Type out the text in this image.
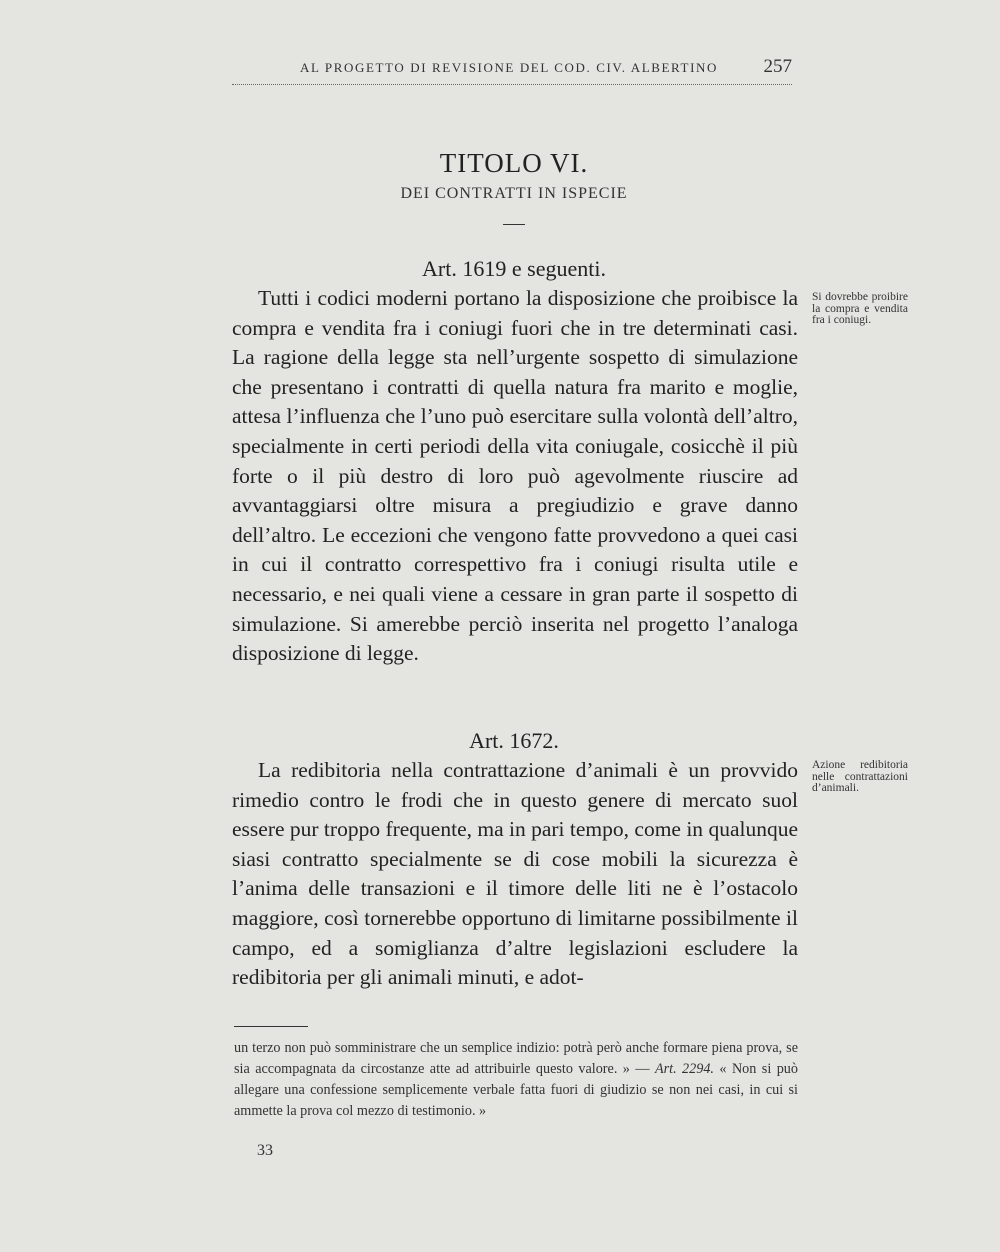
AL PROGETTO DI REVISIONE DEL COD. CIV. ALBERTINO 257
TITOLO VI.
DEI CONTRATTI IN ISPECIE
Art. 1619 e seguenti.

Tutti i codici moderni portano la disposizione che proibisce la compra e vendita fra i coniugi fuori che in tre determinati casi. La ragione della legge sta nell’urgente sospetto di simulazione che presentano i contratti di quella natura fra marito e moglie, attesa l’influenza che l’uno può esercitare sulla volontà dell’altro, specialmente in certi periodi della vita coniugale, cosicchè il più forte o il più destro di loro può agevolmente riuscire ad avvantaggiarsi oltre misura a pregiudizio e grave danno dell’altro. Le eccezioni che vengono fatte provvedono a quei casi in cui il contratto correspettivo fra i coniugi risulta utile e necessario, e nei quali viene a cessare in gran parte il sospetto di simulazione. Si amerebbe perciò inserita nel progetto l’analoga disposizione di legge.

Si dovrebbe proibire la compra e vendita fra i coniugi.
Art. 1672.

La redibitoria nella contrattazione d’animali è un provvido rimedio contro le frodi che in questo genere di mercato suol essere pur troppo frequente, ma in pari tempo, come in qualunque siasi contratto specialmente se di cose mobili la sicurezza è l’anima delle transazioni e il timore delle liti ne è l’ostacolo maggiore, così tornerebbe opportuno di limitarne possibilmente il campo, ed a somiglianza d’altre legislazioni escludere la redibitoria per gli animali minuti, e adot-

Azione redibitoria nelle contrattazioni d’animali.

un terzo non può somministrare che un semplice indizio: potrà però anche formare piena prova, se sia accompagnata da circostanze atte ad attribuirle questo valore. » — Art. 2294. « Non si può allegare una confessione semplicemente verbale fatta fuori di giudizio se non nei casi, in cui si ammette la prova col mezzo di testimonio. »

33
